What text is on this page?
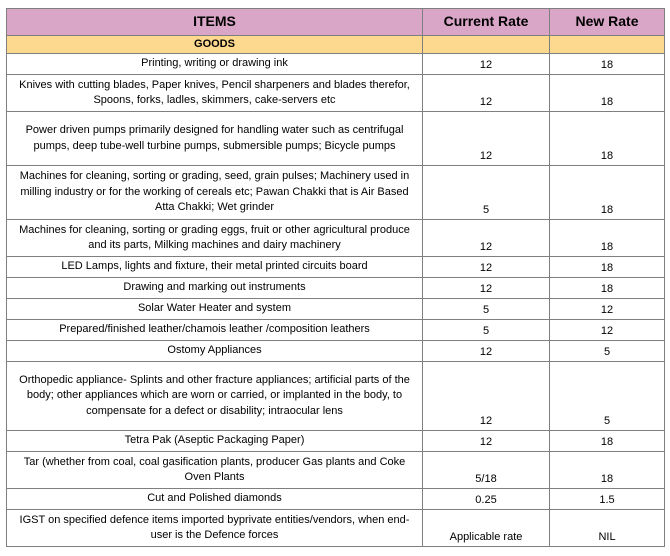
ITEMS	Current Rate	New Rate
GOODS		
Printing, writing or drawing ink	12	18
Knives with cutting blades, Paper knives, Pencil sharpeners and blades therefor, Spoons, forks, ladles, skimmers, cake-servers etc	12	18
Power driven pumps primarily designed for handling water such as centrifugal pumps, deep tube-well turbine pumps, submersible pumps; Bicycle pumps	12	18
Machines for cleaning, sorting or grading, seed, grain pulses; Machinery used in milling industry or for the working of cereals etc; Pawan Chakki that is Air Based Atta Chakki; Wet grinder	5	18
Machines for cleaning, sorting or grading eggs, fruit or other agricultural produce and its parts, Milking machines and dairy machinery	12	18
LED Lamps, lights and fixture, their metal printed circuits board	12	18
Drawing and marking out instruments	12	18
Solar Water Heater and system	5	12
Prepared/finished leather/chamois leather /composition leathers	5	12
Ostomy Appliances	12	5
Orthopedic appliance- Splints and other fracture appliances; artificial parts of the body; other appliances which are worn or carried, or implanted in the body, to compensate for a defect or disability; intraocular lens	12	5
Tetra Pak (Aseptic Packaging Paper)	12	18
Tar (whether from coal, coal gasification plants, producer Gas plants and Coke Oven Plants	5/18	18
Cut and Polished diamonds	0.25	1.5
IGST on specified defence items imported byprivate entities/vendors, when end-user is the Defence forces	Applicable rate	NIL
